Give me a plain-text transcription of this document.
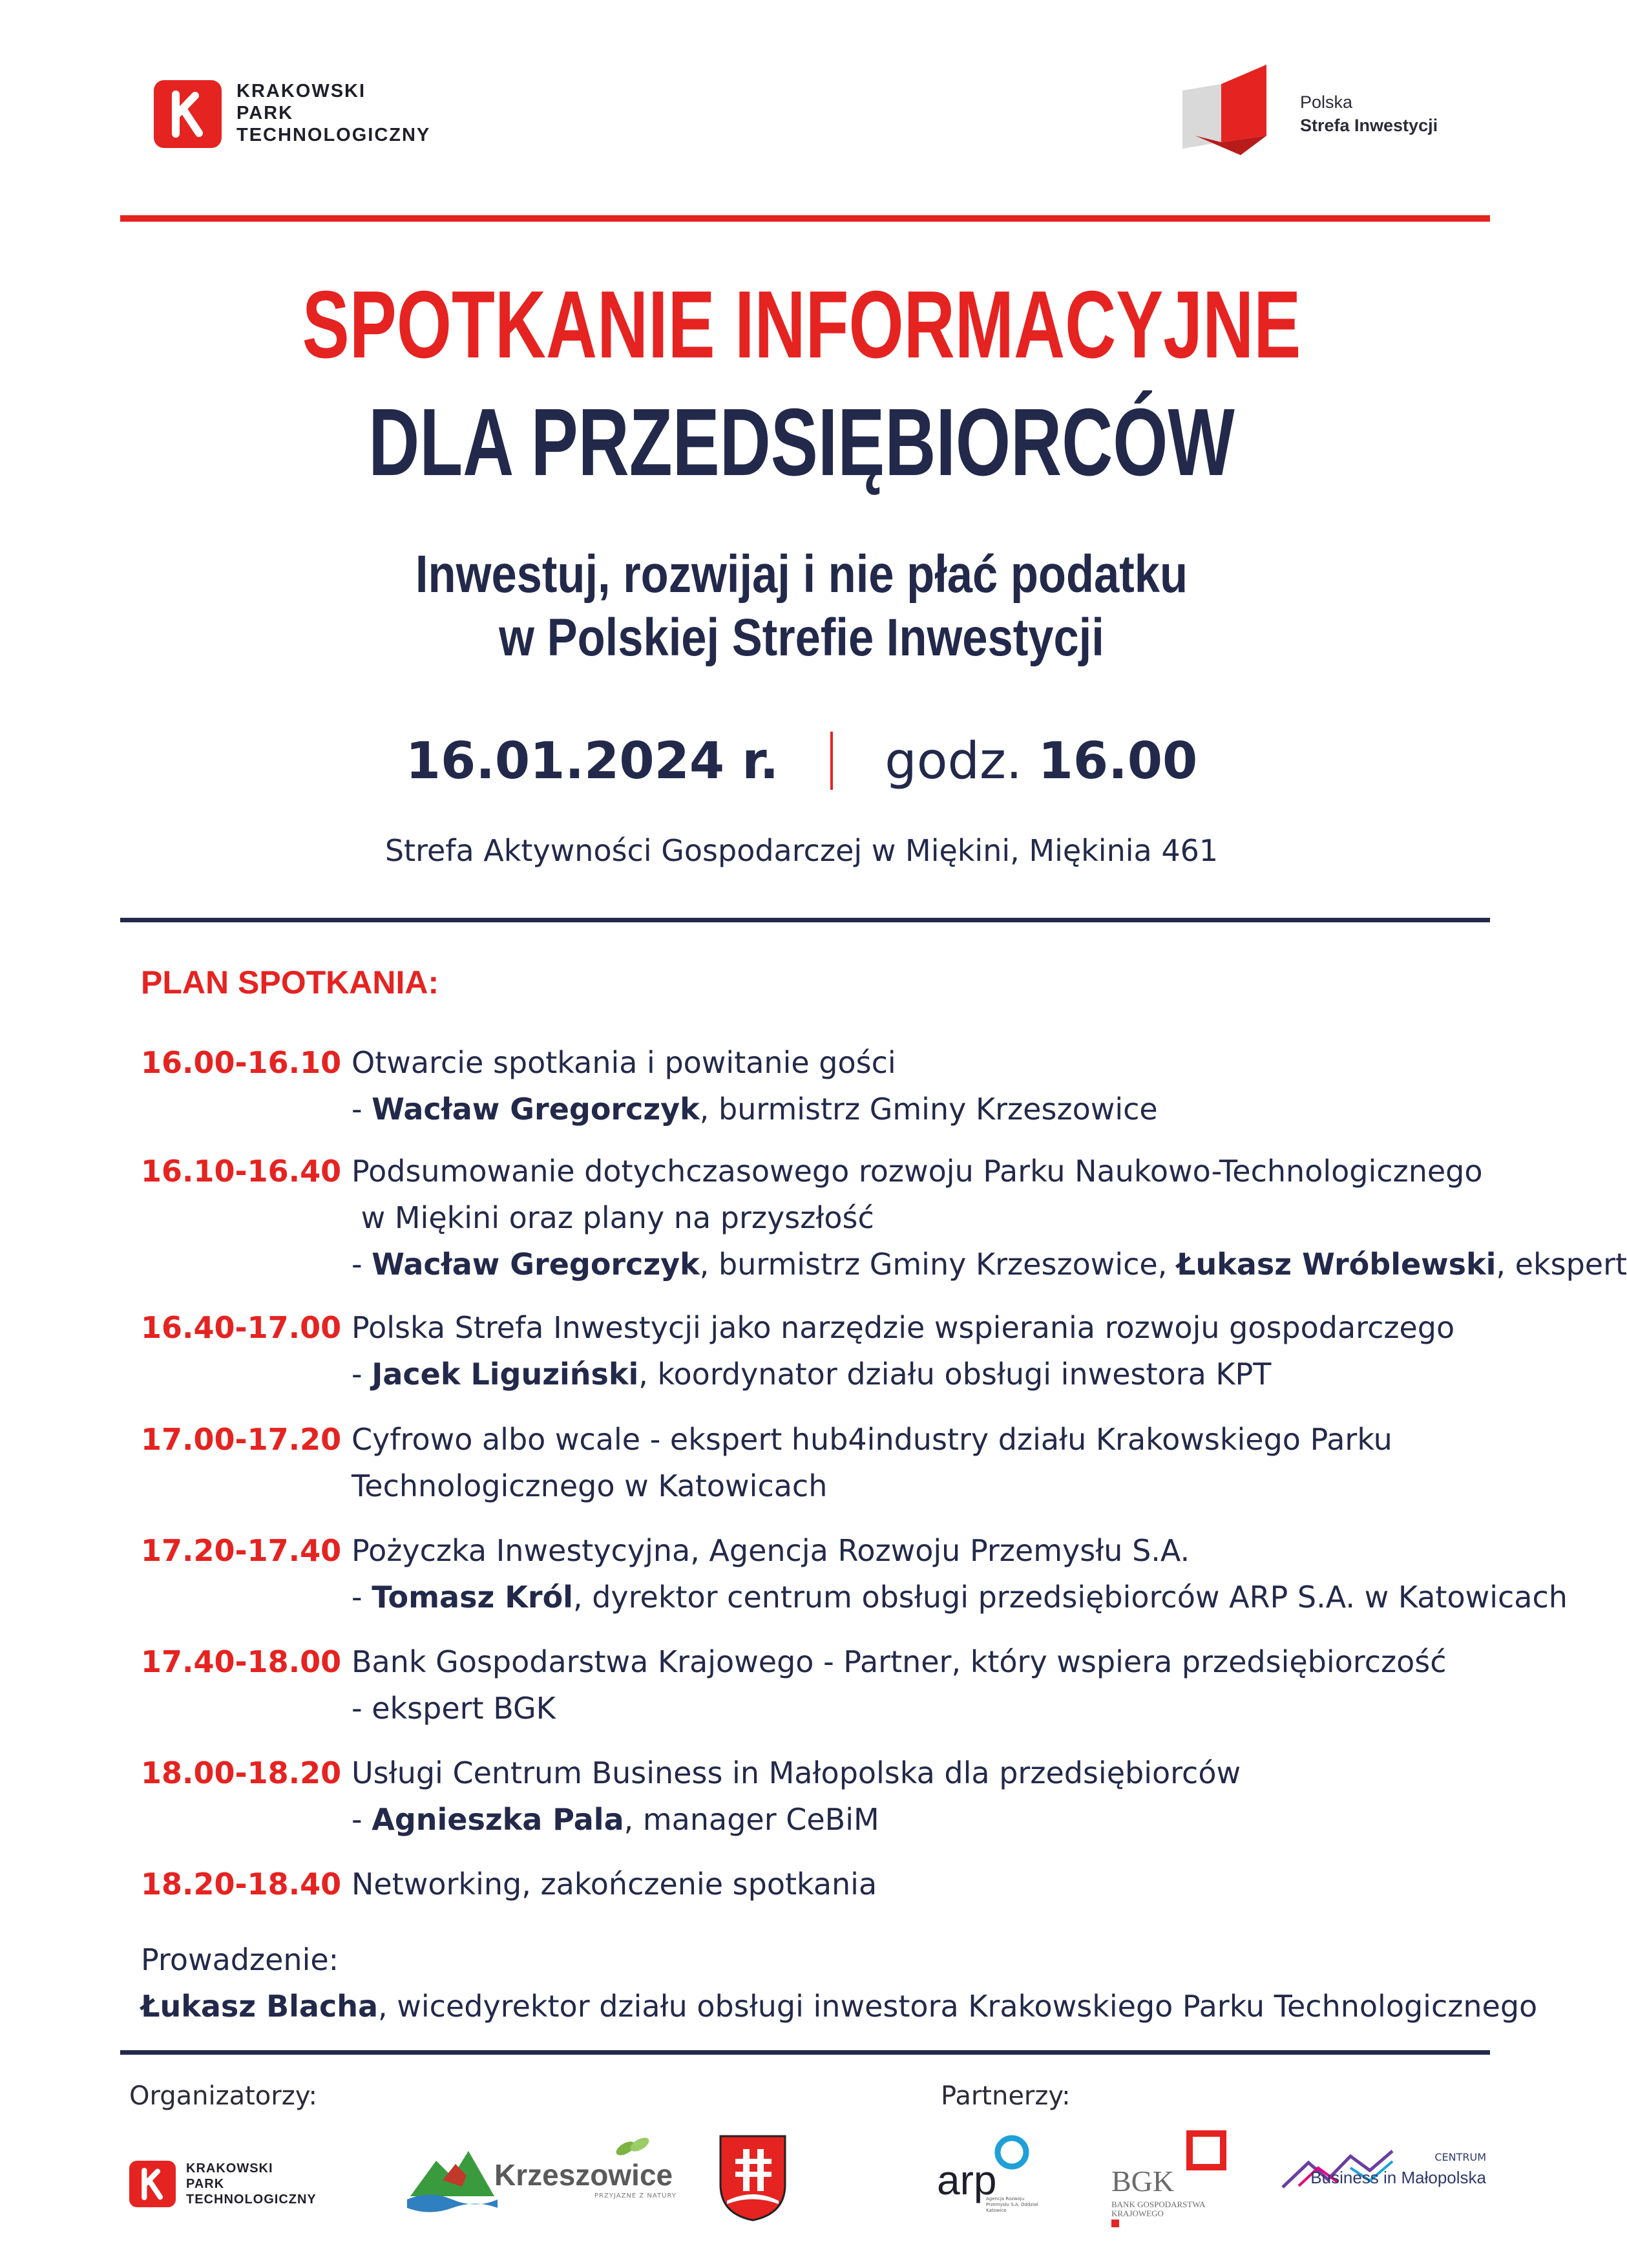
KRAKOWSKI
PARK
TECHNOLOGICZNY
Polska
Strefa Inwestycji
SPOTKANIE INFORMACYJNE
DLA PRZEDSIĘBIORCÓW
Inwestuj, rozwijaj i nie płać podatku
w Polskiej Strefie Inwestycji
16.01.2024 r. godz. 16.00
Strefa Aktywności Gospodarczej w Miękini, Miękinia 461
PLAN SPOTKANIA:
16.00-16.10 Otwarcie spotkania i powitanie gości
- Wacław Gregorczyk, burmistrz Gminy Krzeszowice
16.10-16.40 Podsumowanie dotychczasowego rozwoju Parku Naukowo-Technologicznego
w Miękini oraz plany na przyszłość
- Wacław Gregorczyk, burmistrz Gminy Krzeszowice, Łukasz Wróblewski, ekspert
16.40-17.00 Polska Strefa Inwestycji jako narzędzie wspierania rozwoju gospodarczego
- Jacek Liguziński, koordynator działu obsługi inwestora KPT
17.00-17.20 Cyfrowo albo wcale - ekspert hub4industry działu Krakowskiego Parku
Technologicznego w Katowicach
17.20-17.40 Pożyczka Inwestycyjna, Agencja Rozwoju Przemysłu S.A.
- Tomasz Król, dyrektor centrum obsługi przedsiębiorców ARP S.A. w Katowicach
17.40-18.00 Bank Gospodarstwa Krajowego - Partner, który wspiera przedsiębiorczość
- ekspert BGK
18.00-18.20 Usługi Centrum Business in Małopolska dla przedsiębiorców
- Agnieszka Pala, manager CeBiM
18.20-18.40 Networking, zakończenie spotkania
Prowadzenie:
Łukasz Blacha, wicedyrektor działu obsługi inwestora Krakowskiego Parku Technologicznego
Organizatorzy:	Partnerzy:
KRAKOWSKI
PARK
TECHNOLOGICZNY
Krzeszowice
PRZYJAZNE Z NATURY	arp
Agencja Rozwoju Przemysłu S.A. Oddział Katowice
BGK
BANK GOSPODARSTWA
KRAJOWEGO
CENTRUM
Business in Małopolska
